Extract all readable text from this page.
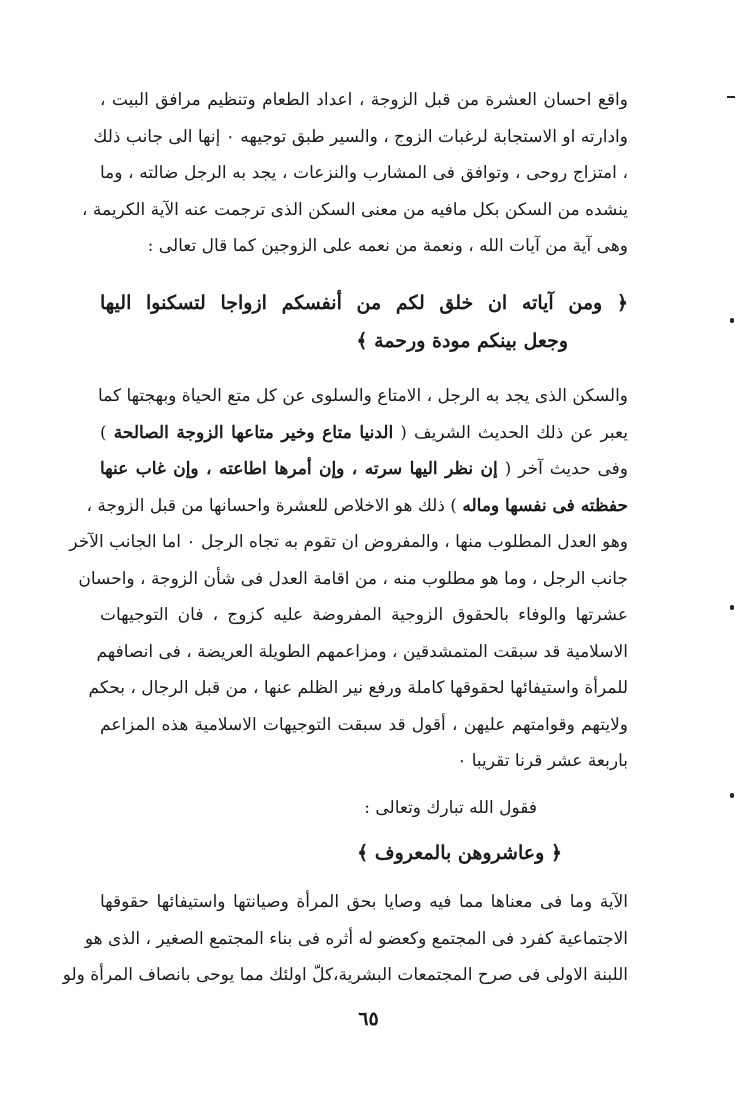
واقع احسان العشرة من قبل الزوجة ، اعداد الطعام وتنظيم مرافق البيت ،
وادارته او الاستجابة لرغبات الزوج ، والسير طبق توجيهه ٠ إنها الى جانب ذلك
، امتزاج روحى ، وتوافق فى المشارب والنزعات ، يجد به الرجل ضالته ، وما
ينشده من السكن بكل مافيه من معنى السكن الذى ترجمت عنه الآية الكريمة ،
وهى آية من آيات الله ، ونعمة من نعمه على الزوجين كما قال تعالى :
﴿ ومن آياته ان خلق لكم من أنفسكم ازواجا لتسكنوا اليها
وجعل بينكم مودة ورحمة ﴾
والسكن الذى يجد به الرجل ، الامتاع والسلوى عن كل متع الحياة وبهجتها كما
يعبر عن ذلك الحديث الشريف ( الدنيا متاع وخير متاعها الزوجة الصالحة )
وفى حديث آخر ( إن نظر اليها سرته ، وإن أمرها اطاعته ، وإن غاب عنها
حفظته فى نفسها وماله ) ذلك هو الاخلاص للعشرة واحسانها من قبل الزوجة ،
وهو العدل المطلوب منها ، والمفروض ان تقوم به تجاه الرجل ٠ اما الجانب الآخر
جانب الرجل ، وما هو مطلوب منه ، من اقامة العدل فى شأن الزوجة ، واحسان
عشرتها والوفاء بالحقوق الزوجية المفروضة عليه كزوج ، فان التوجيهات
الاسلامية قد سبقت المتمشدقين ، ومزاعمهم الطويلة العريضة ، فى انصافهم
للمرأة واستيفائها لحقوقها كاملة ورفع نير الظلم عنها ، من قبل الرجال ، بحكم
ولايتهم وقوامتهم عليهن ، أقول قد سبقت التوجيهات الاسلامية هذه المزاعم
باربعة عشر قرنا تقريبا ٠
فقول الله تبارك وتعالى :
﴿ وعاشروهن بالمعروف ﴾
الآية وما فى معناها مما فيه وصايا بحق المرأة وصيانتها واستيفائها حقوقها
الاجتماعية كفرد فى المجتمع وكعضو له أثره فى بناء المجتمع الصغير ، الذى هو
اللبنة الاولى فى صرح المجتمعات البشرية،كلّ اولئك مما يوحى بانصاف المرأة ولو
٦٥
